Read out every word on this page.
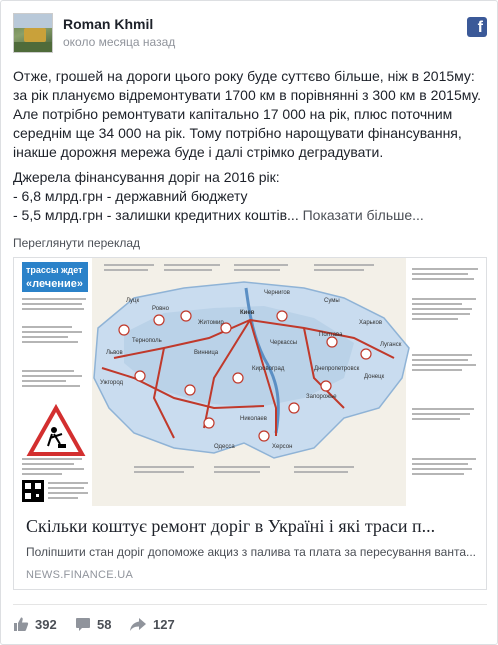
Roman Khmil
около месяца назад
f

Отже, грошей на дороги цього року буде суттєво більше, ніж в 2015му: за рік плануємо відремонтувати 1700 км в порівнянні з 300 км в 2015му. Але потрібно ремонтувати капітально 17 000 на рік, плюс поточним середнім ще 34 000 на рік. Тому потрібно нарощувати фінансування, інакше дорожня мережа буде і далі стрімко деградувати.

Джерела фінансування доріг на 2016 рік:
- 6,8 млрд.грн - державний бюджету
- 5,5 млрд.грн - залишки кредитних коштів... Показати більше...

Переглянути переклад
трассы ждет
«лечение»
Киев
Львов
Ужгород
Одесса
Харьков
Полтава
Днепропетровск
Запорожье
Николаев
Кировоград
Житомир
Ровно
Винница
Чернигов
Сумы
Донецк
Херсон
Тернополь
Луцк
Черкассы	Луганск
Скільки коштує ремонт доріг в Україні і які траси п...
Поліпшити стан доріг допоможе акциз з палива та плата за пересування ванта...
NEWS.FINANCE.UA
392	58	127
